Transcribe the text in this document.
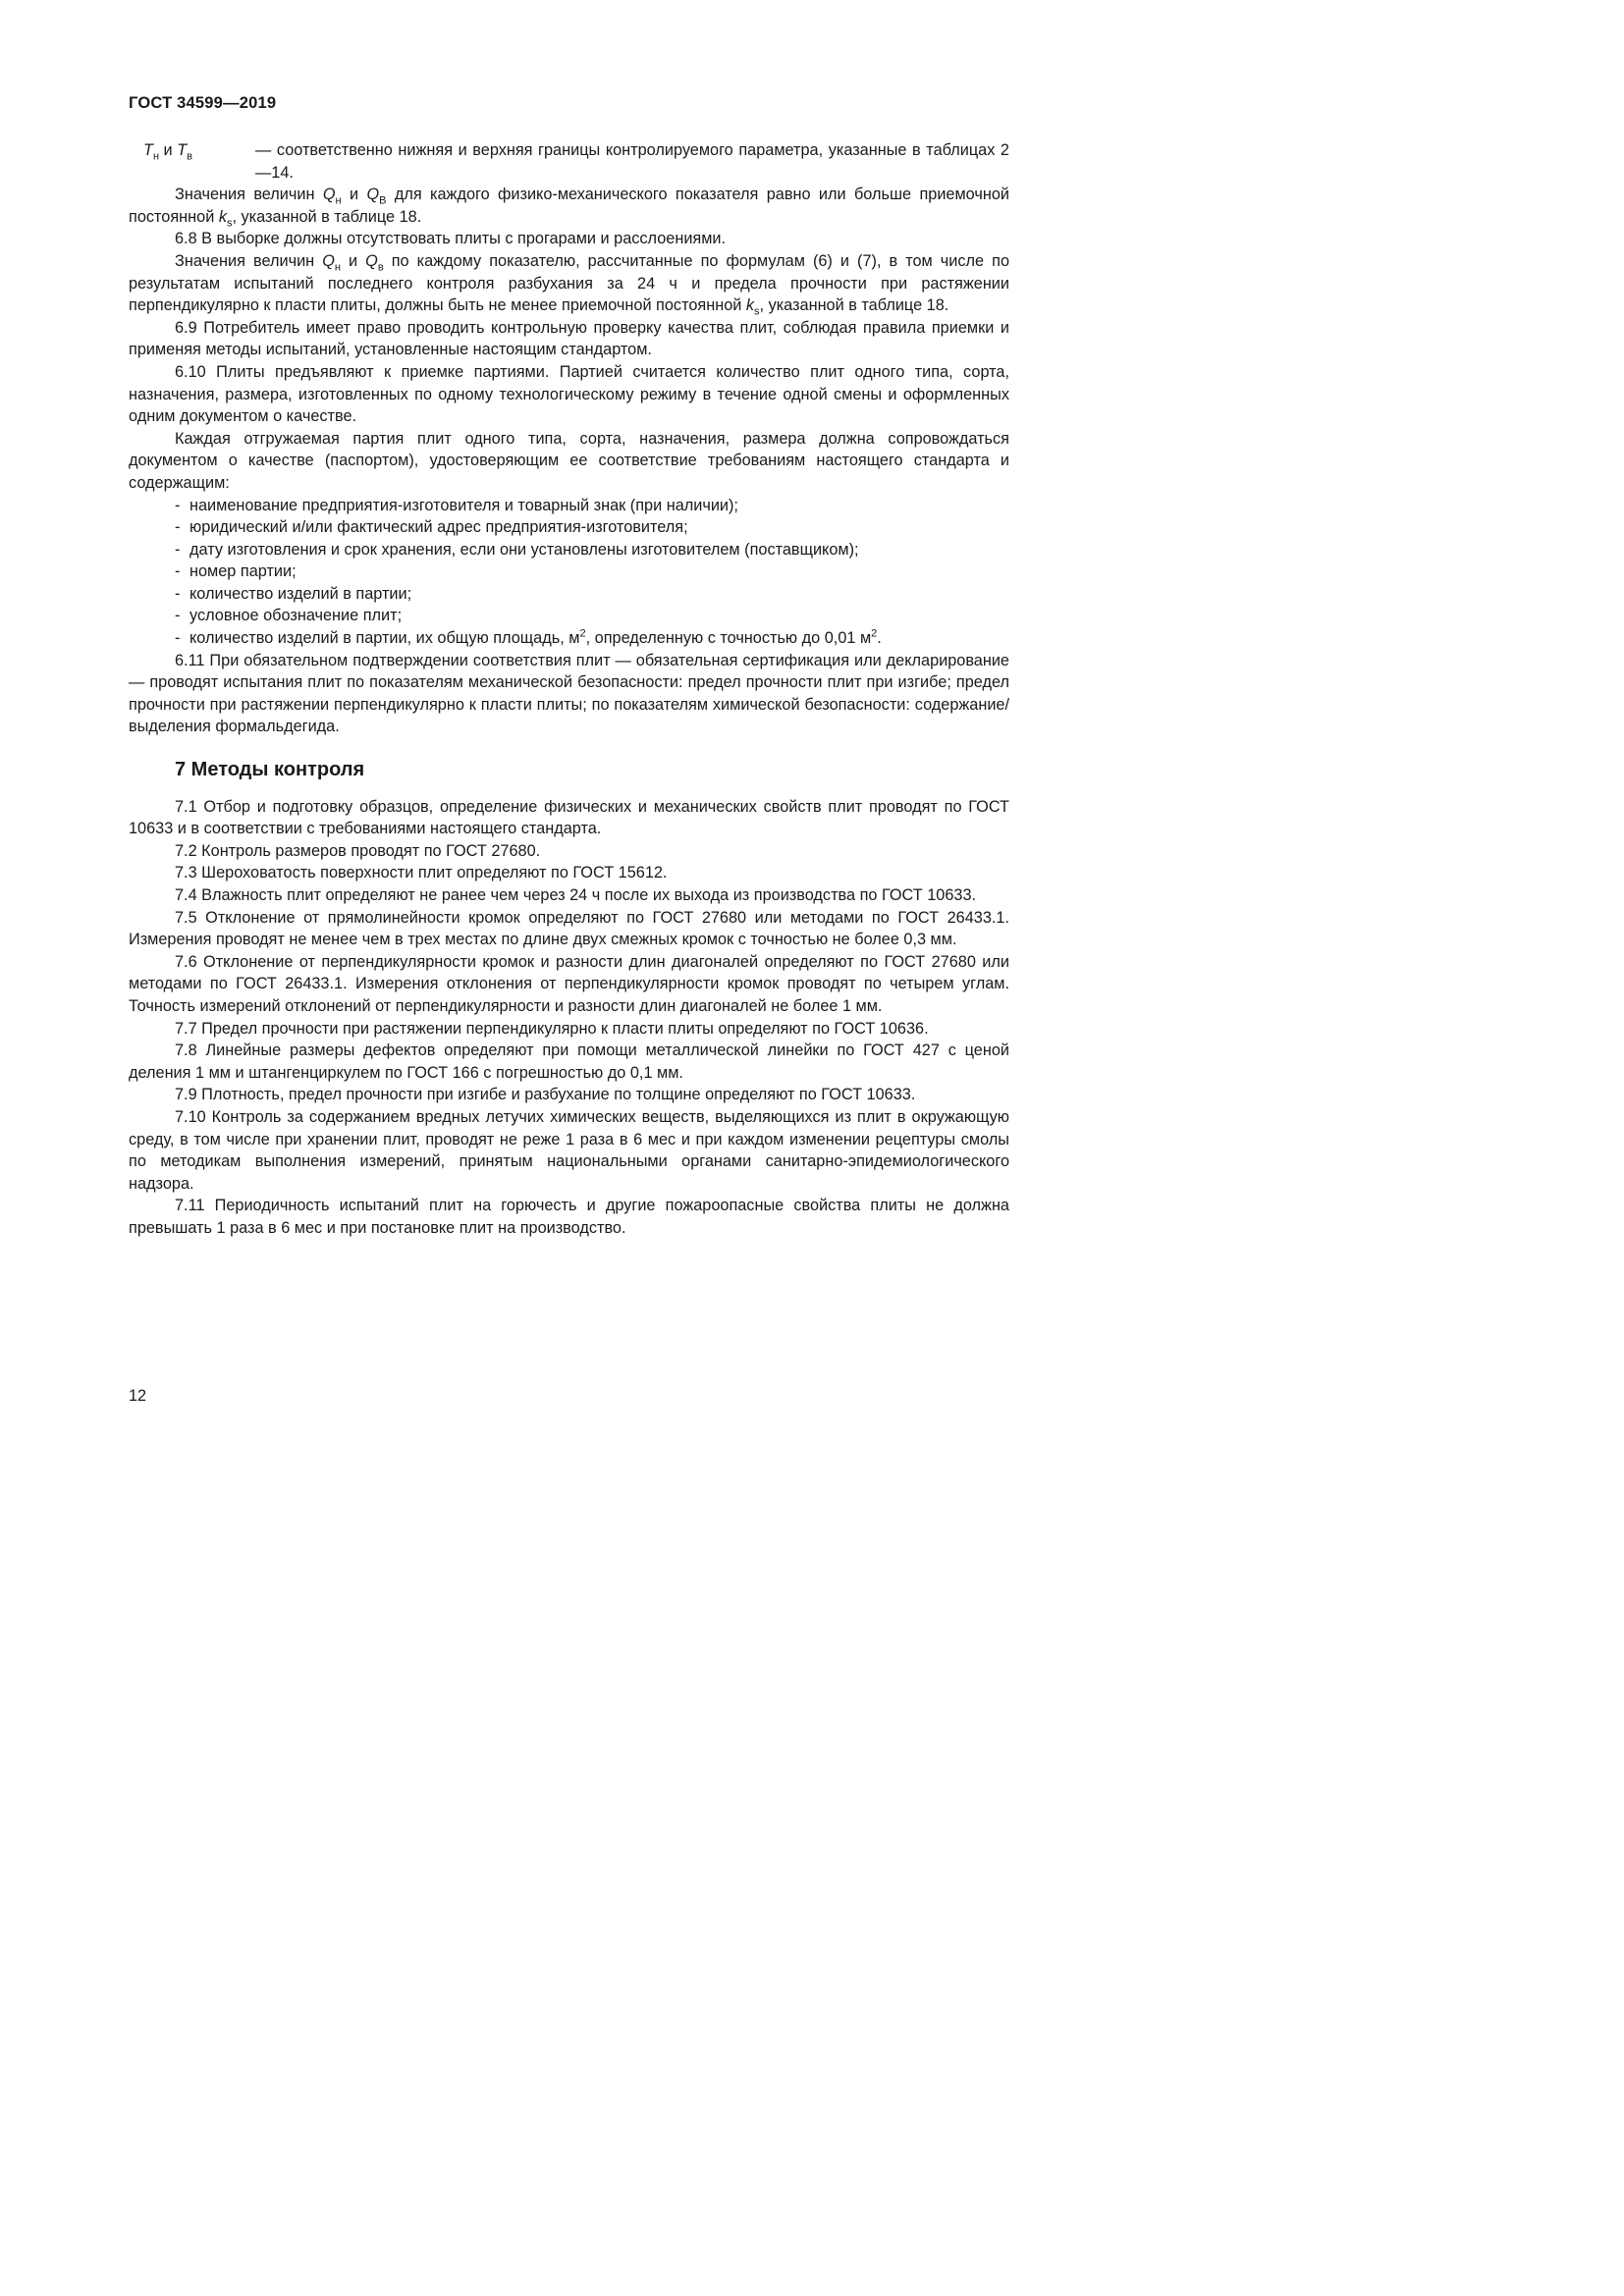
ГОСТ 34599—2019
$Т_н$ и $Т_в$	— соответственно нижняя и верхняя границы контролируемого параметра, указанные в таблицах 2—14.

Значения величин $Q_н$ и $Q_В$ для каждого физико-механического показателя равно или больше приемочной постоянной $k_s$, указанной в таблице 18.

6.8 В выборке должны отсутствовать плиты с прогарами и расслоениями.

Значения величин $Q_н$ и $Q_в$ по каждому показателю, рассчитанные по формулам (6) и (7), в том числе по результатам испытаний последнего контроля разбухания за 24 ч и предела прочности при растяжении перпендикулярно к пласти плиты, должны быть не менее приемочной постоянной $k_s$, указанной в таблице 18.

6.9 Потребитель имеет право проводить контрольную проверку качества плит, соблюдая правила приемки и применяя методы испытаний, установленные настоящим стандартом.

6.10 Плиты предъявляют к приемке партиями. Партией считается количество плит одного типа, сорта, назначения, размера, изготовленных по одному технологическому режиму в течение одной смены и оформленных одним документом о качестве.

Каждая отгружаемая партия плит одного типа, сорта, назначения, размера должна сопровождаться документом о качестве (паспортом), удостоверяющим ее соответствие требованиям настоящего стандарта и содержащим:

- наименование предприятия-изготовителя и товарный знак (при наличии);

- юридический и/или фактический адрес предприятия-изготовителя;

- дату изготовления и срок хранения, если они установлены изготовителем (поставщиком);

- номер партии;

- количество изделий в партии;

- условное обозначение плит;

- количество изделий в партии, их общую площадь, $м^2$, определенную с точностью до 0,01 $м^2$.

6.11 При обязательном подтверждении соответствия плит — обязательная сертификация или декларирование — проводят испытания плит по показателям механической безопасности: предел прочности плит при изгибе; предел прочности при растяжении перпендикулярно к пласти плиты; по показателям химической безопасности: содержание/выделения формальдегида.

7 Методы контроля

7.1 Отбор и подготовку образцов, определение физических и механических свойств плит проводят по ГОСТ 10633 и в соответствии с требованиями настоящего стандарта.

7.2 Контроль размеров проводят по ГОСТ 27680.

7.3 Шероховатость поверхности плит определяют по ГОСТ 15612.

7.4 Влажность плит определяют не ранее чем через 24 ч после их выхода из производства по ГОСТ 10633.

7.5 Отклонение от прямолинейности кромок определяют по ГОСТ 27680 или методами по ГОСТ 26433.1. Измерения проводят не менее чем в трех местах по длине двух смежных кромок с точностью не более 0,3 мм.

7.6 Отклонение от перпендикулярности кромок и разности длин диагоналей определяют по ГОСТ 27680 или методами по ГОСТ 26433.1. Измерения отклонения от перпендикулярности кромок проводят по четырем углам. Точность измерений отклонений от перпендикулярности и разности длин диагоналей не более 1 мм.

7.7 Предел прочности при растяжении перпендикулярно к пласти плиты определяют по ГОСТ 10636.

7.8 Линейные размеры дефектов определяют при помощи металлической линейки по ГОСТ 427 с ценой деления 1 мм и штангенциркулем по ГОСТ 166 с погрешностью до 0,1 мм.

7.9 Плотность, предел прочности при изгибе и разбухание по толщине определяют по ГОСТ 10633.

7.10 Контроль за содержанием вредных летучих химических веществ, выделяющихся из плит в окружающую среду, в том числе при хранении плит, проводят не реже 1 раза в 6 мес и при каждом изменении рецептуры смолы по методикам выполнения измерений, принятым национальными органами санитарно-эпидемиологического надзора.

7.11 Периодичность испытаний плит на горючесть и другие пожароопасные свойства плиты не должна превышать 1 раза в 6 мес и при постановке плит на производство.

12
